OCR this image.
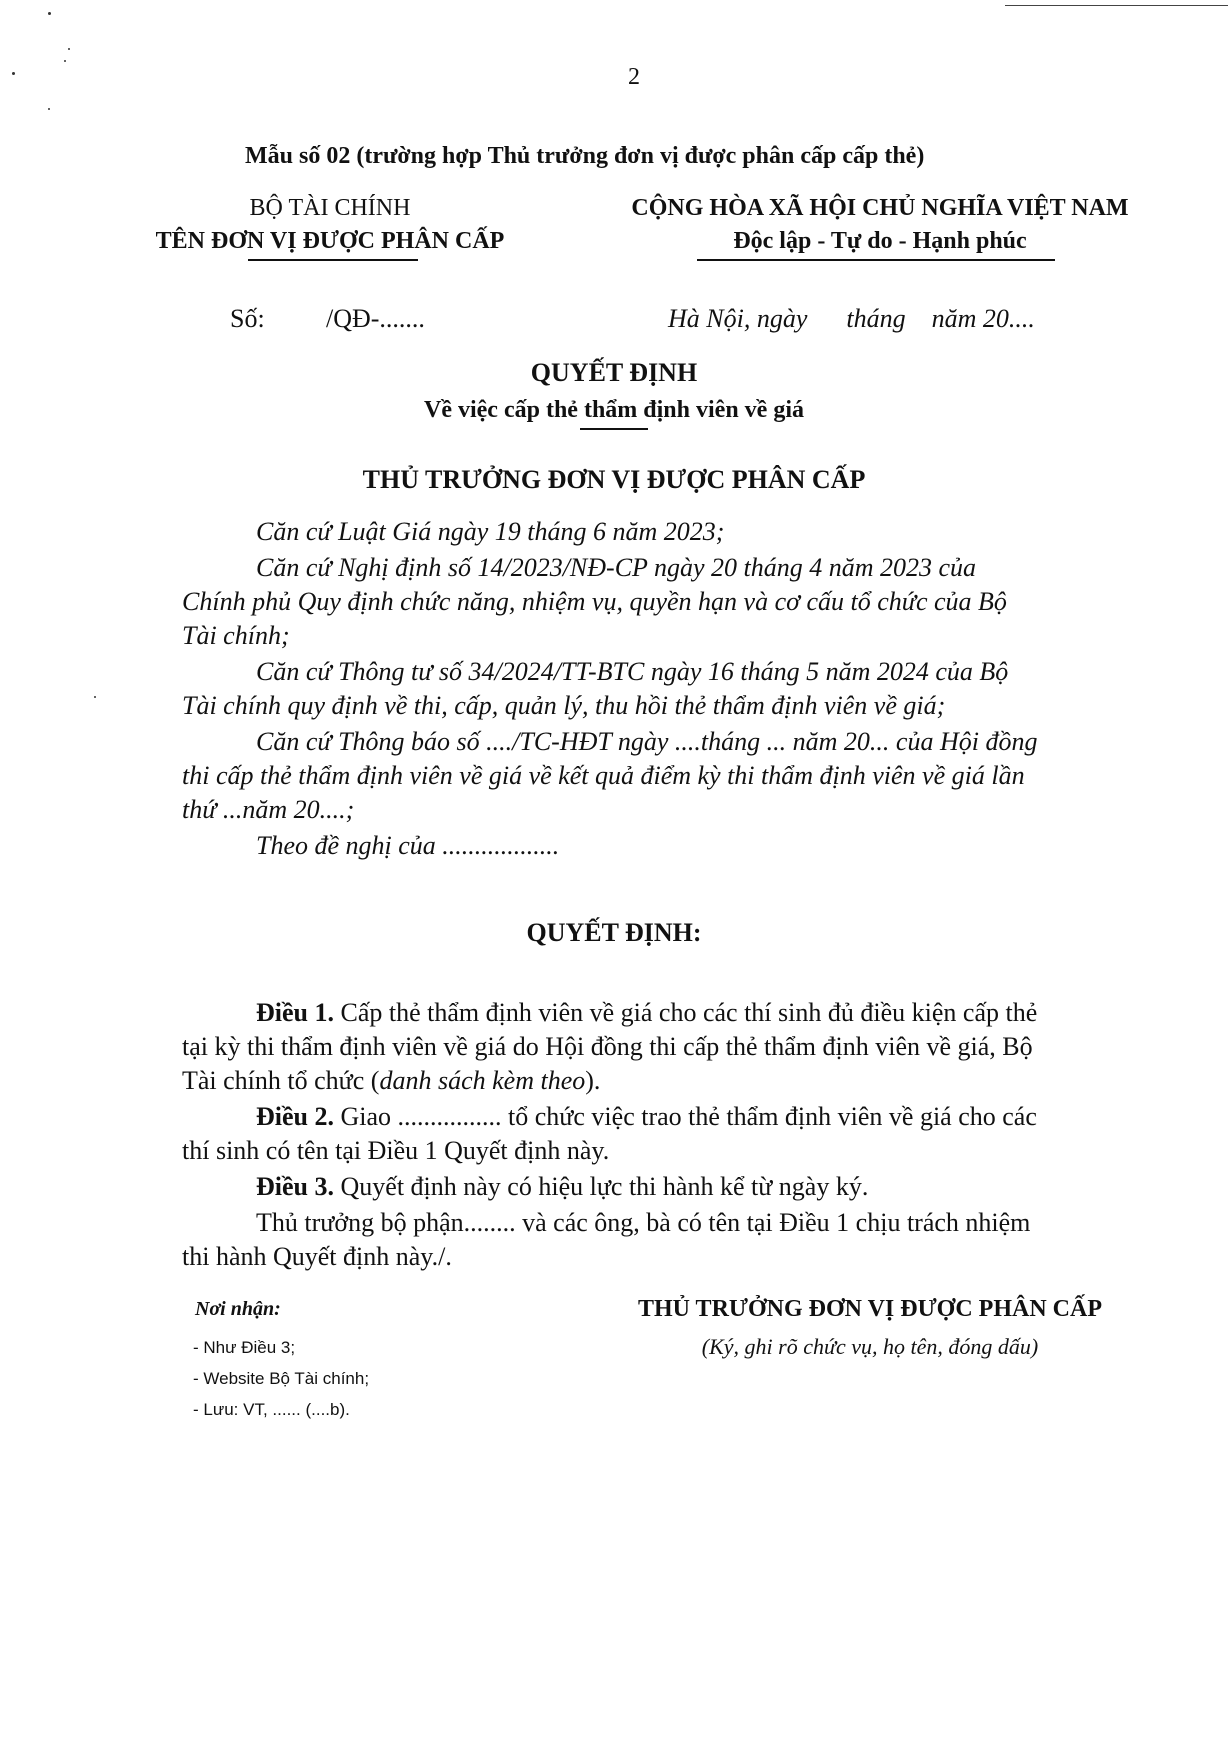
2
Mẫu số 02 (trường hợp Thủ trưởng đơn vị được phân cấp cấp thẻ)
BỘ TÀI CHÍNH
TÊN ĐƠN VỊ ĐƯỢC PHÂN CẤP
CỘNG HÒA XÃ HỘI CHỦ NGHĨA VIỆT NAM
Độc lập - Tự do - Hạnh phúc
Số: /QĐ-.......	Hà Nội, ngày      tháng    năm 20....
QUYẾT ĐỊNH
Về việc cấp thẻ thẩm định viên về giá
THỦ TRƯỞNG ĐƠN VỊ ĐƯỢC PHÂN CẤP
Căn cứ Luật Giá ngày 19 tháng 6 năm 2023;
Căn cứ Nghị định số 14/2023/NĐ-CP ngày 20 tháng 4 năm 2023 của
Chính phủ Quy định chức năng, nhiệm vụ, quyền hạn và cơ cấu tổ chức của Bộ
Tài chính;
Căn cứ Thông tư số 34/2024/TT-BTC ngày 16 tháng 5 năm 2024 của Bộ
Tài chính quy định về thi, cấp, quản lý, thu hồi thẻ thẩm định viên về giá;
Căn cứ Thông báo số ..../TC-HĐT ngày ....tháng ... năm 20... của Hội đồng
thi cấp thẻ thẩm định viên về giá về kết quả điểm kỳ thi thẩm định viên về giá lần
thứ ...năm 20....;
Theo đề nghị của ..................
QUYẾT ĐỊNH:
Điều 1. Cấp thẻ thẩm định viên về giá cho các thí sinh đủ điều kiện cấp thẻ
tại kỳ thi thẩm định viên về giá do Hội đồng thi cấp thẻ thẩm định viên về giá, Bộ
Tài chính tổ chức (danh sách kèm theo).
Điều 2. Giao ................ tổ chức việc trao thẻ thẩm định viên về giá cho các
thí sinh có tên tại Điều 1 Quyết định này.
Điều 3. Quyết định này có hiệu lực thi hành kể từ ngày ký.
Thủ trưởng bộ phận........ và các ông, bà có tên tại Điều 1 chịu trách nhiệm
thi hành Quyết định này./.
Nơi nhận:
- Như Điều 3;
- Website Bộ Tài chính;
- Lưu: VT, ...... (....b).
THỦ TRƯỞNG ĐƠN VỊ ĐƯỢC PHÂN CẤP
(Ký, ghi rõ chức vụ, họ tên, đóng dấu)
